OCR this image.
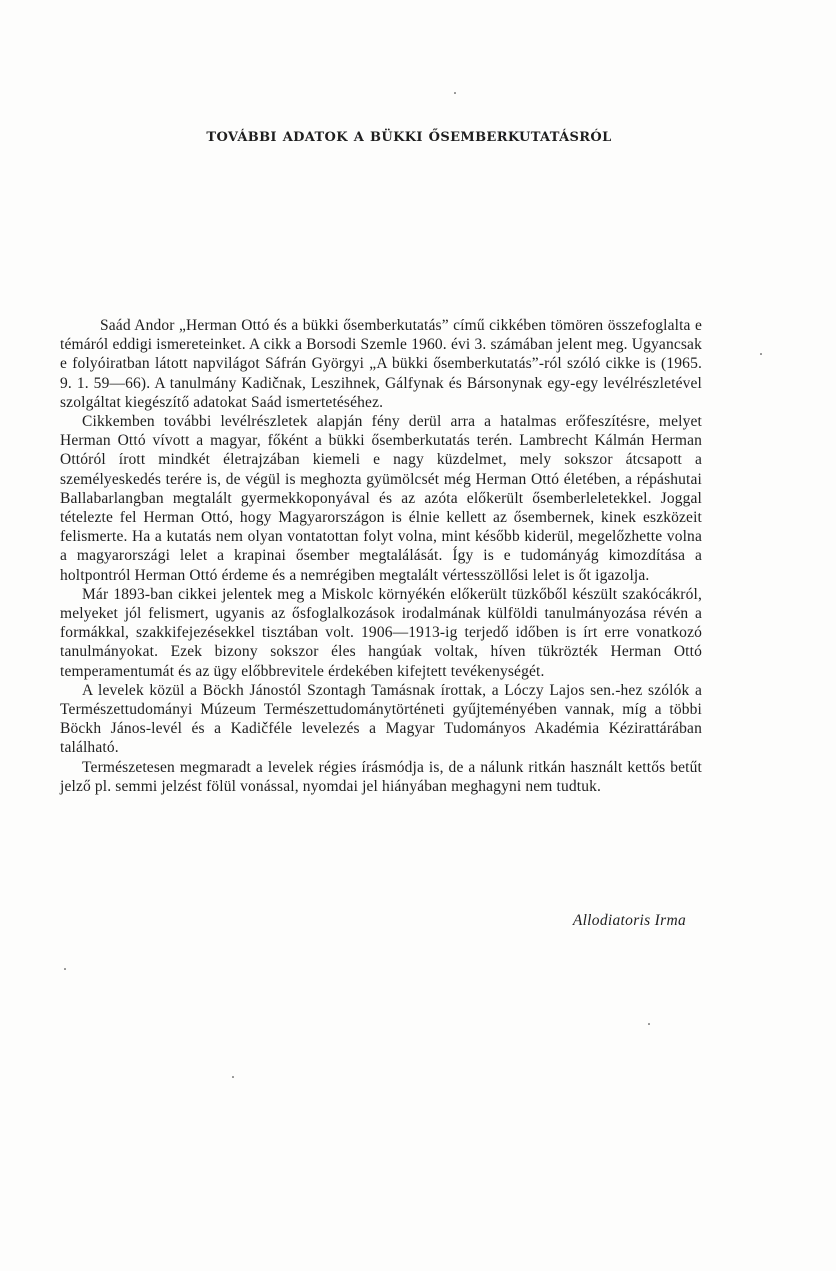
TOVÁBBI ADATOK A BÜKKI ŐSEMBERKUTATÁSRÓL

Saád Andor „Herman Ottó és a bükki ősemberkutatás” című cikkében tömören összefoglalta e témáról eddigi ismereteinket. A cikk a Borsodi Szemle 1960. évi 3. számában jelent meg. Ugyancsak e folyóiratban látott napvilágot Sáfrán Györgyi „A bükki ősemberkutatás”-ról szóló cikke is (1965. 9. 1. 59—66). A tanulmány Kadičnak, Leszihnek, Gálfynak és Bársonynak egy-egy levélrészletével szolgáltat kiegészítő adatokat Saád ismertetéséhez.

Cikkemben további levélrészletek alapján fény derül arra a hatalmas erőfeszítésre, melyet Herman Ottó vívott a magyar, főként a bükki ősemberkutatás terén. Lambrecht Kálmán Herman Ottóról írott mindkét életrajzában kiemeli e nagy küzdelmet, mely sokszor átcsapott a személyeskedés terére is, de végül is meghozta gyümölcsét még Herman Ottó életében, a répáshutai Ballabarlangban megtalált gyermekkoponyával és az azóta előkerült ősemberleletekkel. Joggal tételezte fel Herman Ottó, hogy Magyarországon is élnie kellett az ősembernek, kinek eszközeit felismerte. Ha a kutatás nem olyan vontatottan folyt volna, mint később kiderül, megelőzhette volna a magyarországi lelet a krapinai ősember megtalálását. Így is e tudományág kimozdítása a holtpontról Herman Ottó érdeme és a nemrégiben megtalált vértesszöllősi lelet is őt igazolja.

Már 1893-ban cikkei jelentek meg a Miskolc környékén előkerült tüzkőből készült szakócákról, melyeket jól felismert, ugyanis az ősfoglalkozások irodalmának külföldi tanulmányozása révén a formákkal, szakkifejezésekkel tisztában volt. 1906—1913-ig terjedő időben is írt erre vonatkozó tanulmányokat. Ezek bizony sokszor éles hangúak voltak, híven tükrözték Herman Ottó temperamentumát és az ügy előbbrevitele érdekében kifejtett tevékenységét.

A levelek közül a Böckh Jánostól Szontagh Tamásnak írottak, a Lóczy Lajos sen.-hez szólók a Természettudományi Múzeum Természettudománytörténeti gyűjteményében vannak, míg a többi Böckh János-levél és a Kadičféle levelezés a Magyar Tudományos Akadémia Kézirattárában található.

Természetesen megmaradt a levelek régies írásmódja is, de a nálunk ritkán használt kettős betűt jelző pl. semmi jelzést fölül vonással, nyomdai jel hiányában meghagyni nem tudtuk.

Allodiatoris Irma
